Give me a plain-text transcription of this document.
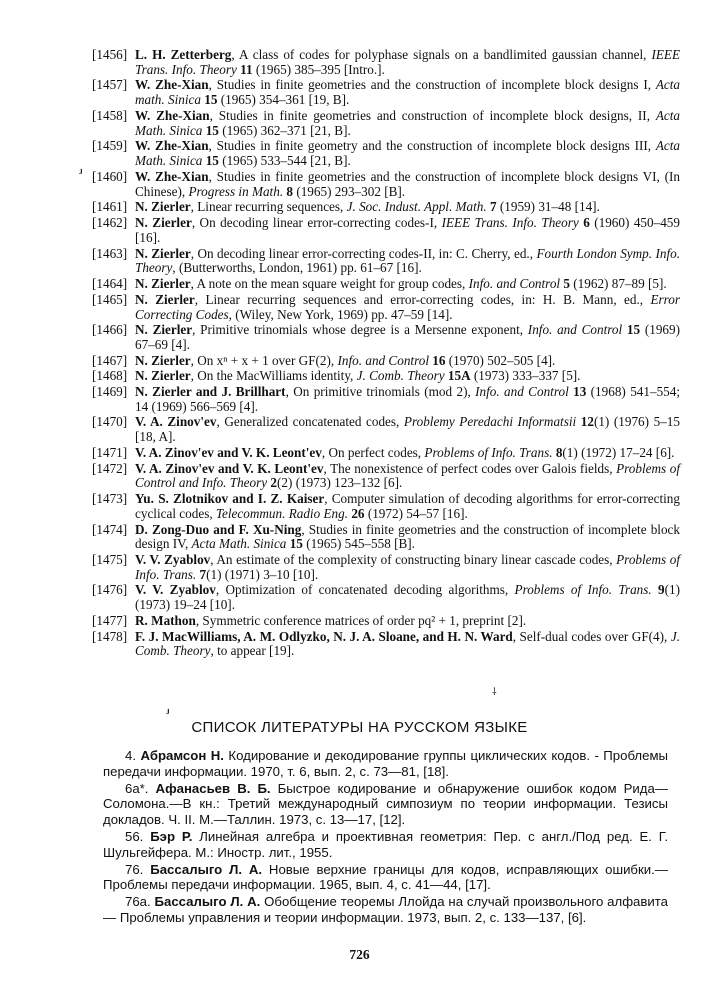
⸥
⸥
⸸
[1456] L. H. Zetterberg, A class of codes for polyphase signals on a bandlimited gaussian channel, IEEE Trans. Info. Theory 11 (1965) 385–395 [Intro.].
[1457] W. Zhe-Xian, Studies in finite geometries and the construction of incomplete block designs I, Acta math. Sinica 15 (1965) 354–361 [19, B].
[1458] W. Zhe-Xian, Studies in finite geometries and construction of incomplete block designs, II, Acta Math. Sinica 15 (1965) 362–371 [21, B].
[1459] W. Zhe-Xian, Studies in finite geometry and the construction of incomplete block designs III, Acta Math. Sinica 15 (1965) 533–544 [21, B].
[1460] W. Zhe-Xian, Studies in finite geometries and the construction of incomplete block designs VI, (In Chinese), Progress in Math. 8 (1965) 293–302 [B].
[1461] N. Zierler, Linear recurring sequences, J. Soc. Indust. Appl. Math. 7 (1959) 31–48 [14].
[1462] N. Zierler, On decoding linear error-correcting codes-I, IEEE Trans. Info. Theory 6 (1960) 450–459 [16].
[1463] N. Zierler, On decoding linear error-correcting codes-II, in: C. Cherry, ed., Fourth London Symp. Info. Theory, (Butterworths, London, 1961) pp. 61–67 [16].
[1464] N. Zierler, A note on the mean square weight for group codes, Info. and Control 5 (1962) 87–89 [5].
[1465] N. Zierler, Linear recurring sequences and error-correcting codes, in: H. B. Mann, ed., Error Correcting Codes, (Wiley, New York, 1969) pp. 47–59 [14].
[1466] N. Zierler, Primitive trinomials whose degree is a Mersenne exponent, Info. and Control 15 (1969) 67–69 [4].
[1467] N. Zierler, On xⁿ + x + 1 over GF(2), Info. and Control 16 (1970) 502–505 [4].
[1468] N. Zierler, On the MacWilliams identity, J. Comb. Theory 15A (1973) 333–337 [5].
[1469] N. Zierler and J. Brillhart, On primitive trinomials (mod 2), Info. and Control 13 (1968) 541–554; 14 (1969) 566–569 [4].
[1470] V. A. Zinov'ev, Generalized concatenated codes, Problemy Peredachi Informatsii 12(1) (1976) 5–15 [18, A].
[1471] V. A. Zinov'ev and V. K. Leont'ev, On perfect codes, Problems of Info. Trans. 8(1) (1972) 17–24 [6].
[1472] V. A. Zinov'ev and V. K. Leont'ev, The nonexistence of perfect codes over Galois fields, Problems of Control and Info. Theory 2(2) (1973) 123–132 [6].
[1473] Yu. S. Zlotnikov and I. Z. Kaiser, Computer simulation of decoding algorithms for error-correcting cyclical codes, Telecommun. Radio Eng. 26 (1972) 54–57 [16].
[1474] D. Zong-Duo and F. Xu-Ning, Studies in finite geometries and the construction of incomplete block design IV, Acta Math. Sinica 15 (1965) 545–558 [B].
[1475] V. V. Zyablov, An estimate of the complexity of constructing binary linear cascade codes, Problems of Info. Trans. 7(1) (1971) 3–10 [10].
[1476] V. V. Zyablov, Optimization of concatenated decoding algorithms, Problems of Info. Trans. 9(1) (1973) 19–24 [10].
[1477] R. Mathon, Symmetric conference matrices of order pq² + 1, preprint [2].
[1478] F. J. MacWilliams, A. M. Odlyzko, N. J. A. Sloane, and H. N. Ward, Self-dual codes over GF(4), J. Comb. Theory, to appear [19].
СПИСОК ЛИТЕРАТУРЫ НА РУССКОМ ЯЗЫКЕ
4. Абрамсон Н. Кодирование и декодирование группы циклических кодов. - Проблемы передачи информации. 1970, т. 6, вып. 2, с. 73—81, [18].
6а*. Афанасьев В. Б. Быстрое кодирование и обнаружение ошибок кодом Рида—Соломона.—В кн.: Третий международный симпозиум по теории информации. Тезисы докладов. Ч. II. М.—Таллин. 1973, с. 13—17, [12].
56. Бэр Р. Линейная алгебра и проективная геометрия: Пер. с англ./Под ред. Е. Г. Шульгейфера. М.: Иностр. лит., 1955.
76. Бассалыго Л. А. Новые верхние границы для кодов, исправляющих ошибки.— Проблемы передачи информации. 1965, вып. 4, с. 41—44, [17].
76а. Бассалыго Л. А. Обобщение теоремы Ллойда на случай произвольного алфавита — Проблемы управления и теории информации. 1973, вып. 2, с. 133—137, [6].
726
